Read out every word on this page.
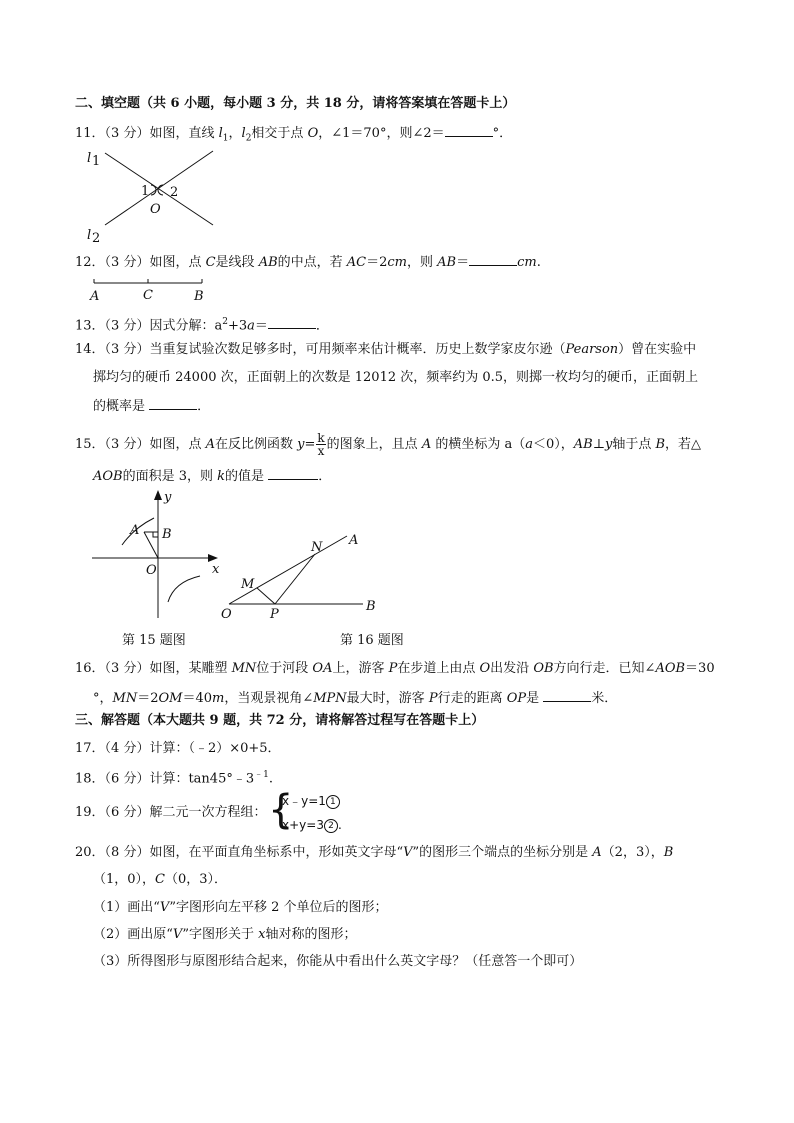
二、填空题（共 6 小题，每小题 3 分，共 18 分，请将答案填在答题卡上）
11．（3 分）如图，直线 $l_1$，$l_2$相交于点 O，∠1＝70°，则∠2＝	°．
l 1
l 2
1 2
O
12．（3 分）如图，点 C是线段 AB的中点，若 AC＝2cm，则 AB＝	cm.
A	C	B
13．（3 分）因式分解：$a^2+3a=$	．
14．（3 分）当重复试验次数足够多时，可用频率来估计概率．历史上数学家皮尔逊（Pearson）曾在实验中
掷均匀的硬币 24000 次，正面朝上的次数是 12012 次，频率约为 0.5，则掷一枚均匀的硬币，正面朝上
的概率是	．
15．（3 分）如图，点 A在反比例函数 $y= \frac{k}{x}$ 的图象上，且点 A 的横坐标为 a（a＜0），AB⊥y轴于点 B，若△
AOB的面积是 3，则 k的值是	．
y
x
A B
O
第 15 题图
N A
M
O	P
B
第 16 题图
16．（3 分）如图，某雕塑 MN位于河段 OA上，游客 P在步道上由点 O出发沿 OB方向行走．已知∠AOB＝30
°，MN＝2OM＝40m，当观景视角∠MPN最大时，游客 P行走的距离 OP是	米．
三、解答题（本大题共 9 题，共 72 分，请将解答过程写在答题卡上）
17．（4 分）计算：（﹣2）×0+5．
18．（6 分）计算：$\tan 45^\circ﹣3^{﹣1}$.
19．（6 分）解二元一次方程组： {
x﹣y=1 1
x+y=3 2 .
20．（8 分）如图，在平面直角坐标系中，形如英文字母“V”的图形三个端点的坐标分别是 A（2，3），B
（1，0），C（0，3）．
（1）画出“V”字图形向左平移 2 个单位后的图形；
（2）画出原“V”字图形关于 x轴对称的图形；
（3）所得图形与原图形结合起来，你能从中看出什么英文字母？（任意答一个即可）
